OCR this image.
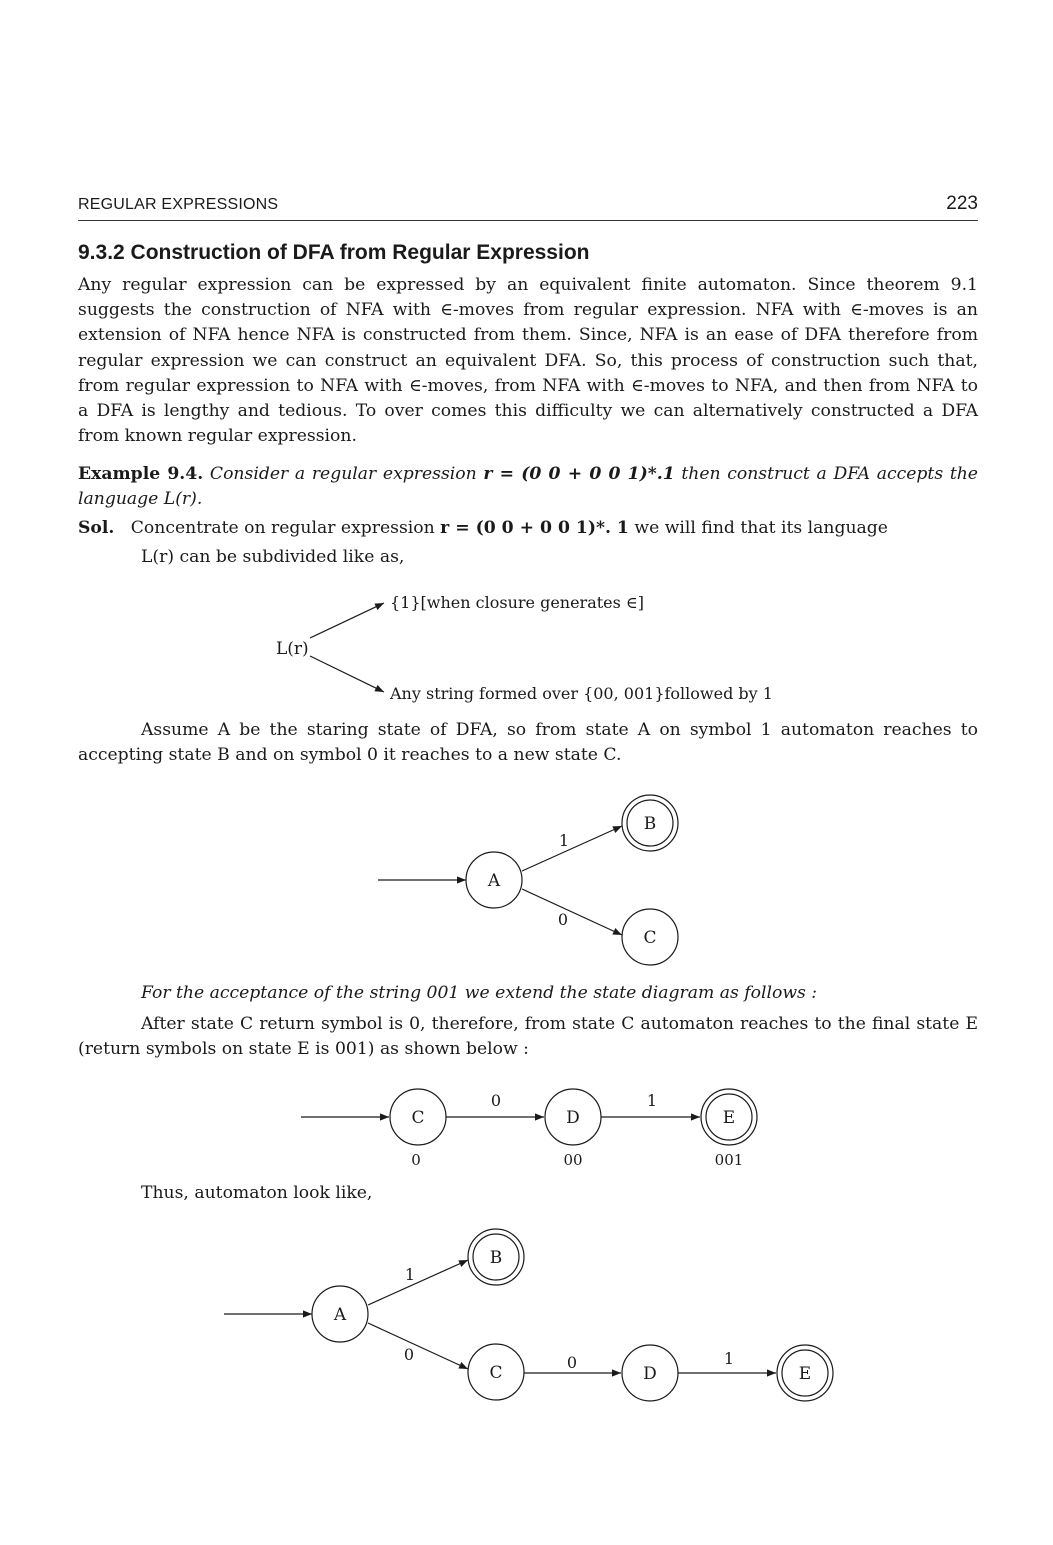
REGULAR EXPRESSIONS	223
9.3.2 Construction of DFA from Regular Expression
Any regular expression can be expressed by an equivalent finite automaton. Since theorem 9.1 suggests the construction of NFA with ∈-moves from regular expression. NFA with ∈-moves is an extension of NFA hence NFA is constructed from them. Since, NFA is an ease of DFA therefore from regular expression we can construct an equivalent DFA. So, this process of construction such that, from regular expression to NFA with ∈-moves, from NFA with ∈-moves to NFA, and then from NFA to a DFA is lengthy and tedious. To over comes this difficulty we can alternatively constructed a DFA from known regular expression.
Example 9.4. Consider a regular expression r = (0 0 + 0 0 1)*.1 then construct a DFA accepts the language L(r).
Sol. Concentrate on regular expression r = (0 0 + 0 0 1)*. 1 we will find that its language
L(r) can be subdivided like as,
Assume A be the staring state of DFA, so from state A on symbol 1 automaton reaches to accepting state B and on symbol 0 it reaches to a new state C.
For the acceptance of the string 001 we extend the state diagram as follows :
After state C return symbol is 0, therefore, from state C automaton reaches to the final state E (return symbols on state E is 001) as shown below :
Thus, automaton look like,
L(r)
{1}[when closure generates ∈]
Any string formed over {00, 001}followed by 1
A
B
C
1
0
C	D	E
0	1
0	00	001
A
B
C	D	E
1
0	0	1
